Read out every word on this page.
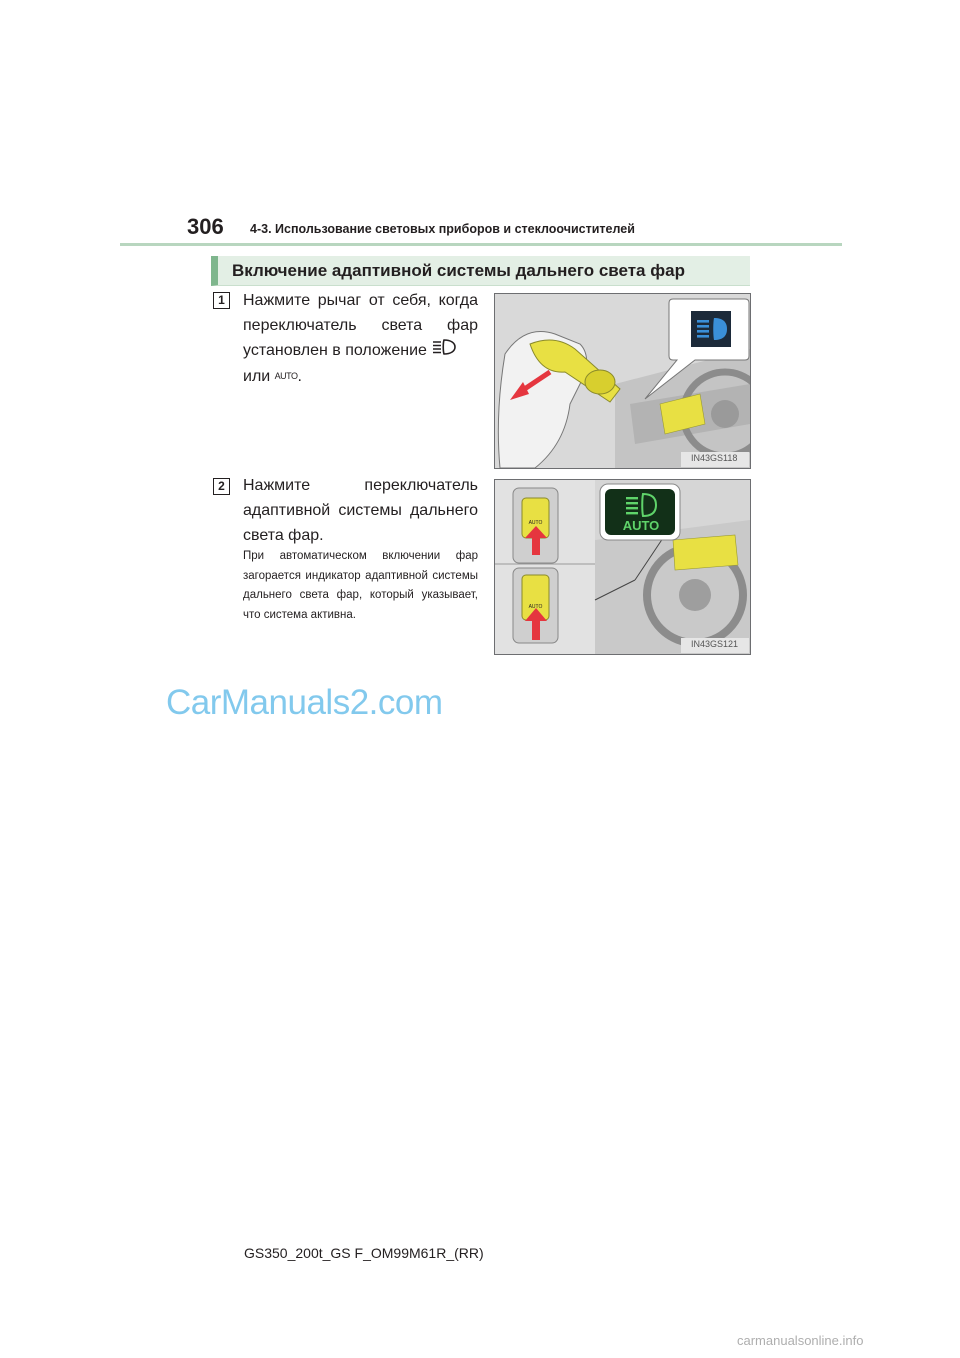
306 4-3. Использование световых приборов и стеклоочистителей
Включение адаптивной системы дальнего света фар
1	Нажмите рычаг от себя, когда переключатель света фар установлен в положение
или AUTO.
IN43GS118
2	Нажмите переключатель адаптивной системы дальнего света фар.
При автоматическом включении фар загорается индикатор адаптивной системы дальнего света фар, который указывает, что система активна.
AUTO
AUTO
AUTO
IN43GS121
CarManuals2.com
GS350_200t_GS F_OM99M61R_(RR)
carmanualsonline.info
